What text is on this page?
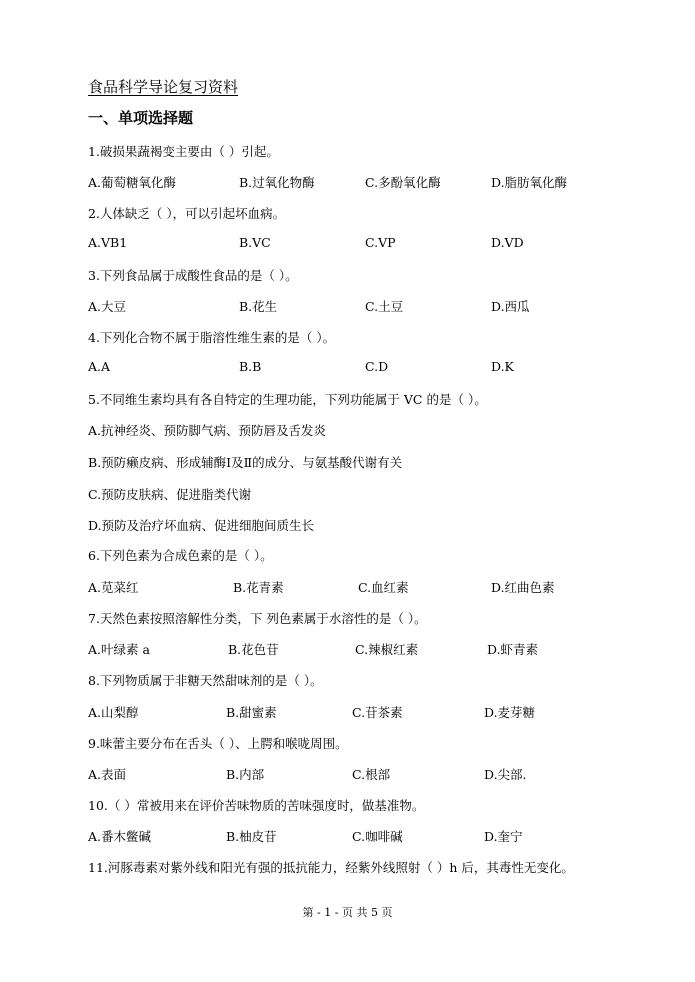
食品科学导论复习资料
一、单项选择题
1.破损果蔬褐变主要由（ ）引起。
A.葡萄糖氧化酶	B.过氧化物酶	C.多酚氧化酶	D.脂肪氧化酶
2.人体缺乏（ ），可以引起坏血病。
A.VB1	B.VC	C.VP	D.VD
3.下列食品属于成酸性食品的是（ ）。
A.大豆	B.花生	C.土豆	D.西瓜
4.下列化合物不属于脂溶性维生素的是（ ）。
A.A	B.B	C.D	D.K
5.不同维生素均具有各自特定的生理功能，下列功能属于 VC 的是（ ）。
A.抗神经炎、预防脚气病、预防唇及舌发炎
B.预防癞皮病、形成辅酶Ⅰ及Ⅱ的成分、与氨基酸代谢有关
C.预防皮肤病、促进脂类代谢
D.预防及治疗坏血病、促进细胞间质生长
6.下列色素为合成色素的是（ ）。
A.苋菜红	B.花青素	C.血红素	D.红曲色素
7.天然色素按照溶解性分类，下 列色素属于水溶性的是（ ）。
A.叶绿素 a	B.花色苷	C.辣椒红素	D.虾青素
8.下列物质属于非糖天然甜味剂的是（ ）。
A.山梨醇	B.甜蜜素	C.苷茶素	D.麦芽糖
9.味蕾主要分布在舌头（ ）、上腭和喉咙周围。
A.表面	B.内部	C.根部	D.尖部.
10.（ ）常被用来在评价苦味物质的苦味强度时，做基准物。
A.番木鳖碱	B.柚皮苷	C.咖啡碱	D.奎宁
11.河豚毒素对紫外线和阳光有强的抵抗能力，经紫外线照射（ ）h 后，其毒性无变化。
第 - 1 - 页 共 5 页
